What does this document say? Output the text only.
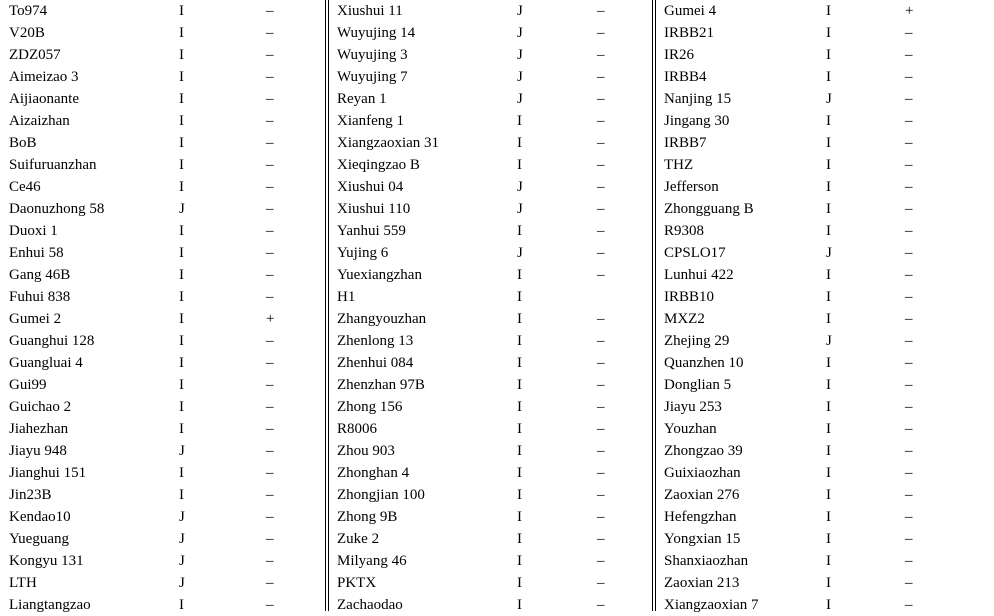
To974	I	–
V20B	I	–
ZDZ057	I	–
Aimeizao 3	I	–
Aijiaonante	I	–
Aizaizhan	I	–
BoB	I	–
Suifuruanzhan	I	–
Ce46	I	–
Daonuzhong 58	J	–
Duoxi 1	I	–
Enhui 58	I	–
Gang 46B	I	–
Fuhui 838	I	–
Gumei 2	I	+
Guanghui 128	I	–
Guangluai 4	I	–
Gui99	I	–
Guichao 2	I	–
Jiahezhan	I	–
Jiayu 948	J	–
Jianghui 151	I	–
Jin23B	I	–
Kendao10	J	–
Yueguang	J	–
Kongyu 131	J	–
LTH	J	–
Liangtangzao	I	–
Xiushui 11	J	–
Wuyujing 14	J	–
Wuyujing 3	J	–
Wuyujing 7	J	–
Reyan 1	J	–
Xianfeng 1	I	–
Xiangzaoxian 31	I	–
Xieqingzao B	I	–
Xiushui 04	J	–
Xiushui 110	J	–
Yanhui 559	I	–
Yujing 6	J	–
Yuexiangzhan	I	–
H1	I
Zhangyouzhan	I	–
Zhenlong 13	I	–
Zhenhui 084	I	–
Zhenzhan 97B	I	–
Zhong 156	I	–
R8006	I	–
Zhou 903	I	–
Zhonghan 4	I	–
Zhongjian 100	I	–
Zhong 9B	I	–
Zuke 2	I	–
Milyang 46	I	–
PKTX	I	–
Zachaodao	I	–
Gumei 4	I	+
IRBB21	I	–
IR26	I	–
IRBB4	I	–
Nanjing 15	J	–
Jingang 30	I	–
IRBB7	I	–
THZ	I	–
Jefferson	I	–
Zhongguang B	I	–
R9308	I	–
CPSLO17	J	–
Lunhui 422	I	–
IRBB10	I	–
MXZ2	I	–
Zhejing 29	J	–
Quanzhen 10	I	–
Donglian 5	I	–
Jiayu 253	I	–
Youzhan	I	–
Zhongzao 39	I	–
Guixiaozhan	I	–
Zaoxian 276	I	–
Hefengzhan	I	–
Yongxian 15	I	–
Shanxiaozhan	I	–
Zaoxian 213	I	–
Xiangzaoxian 7	I	–
